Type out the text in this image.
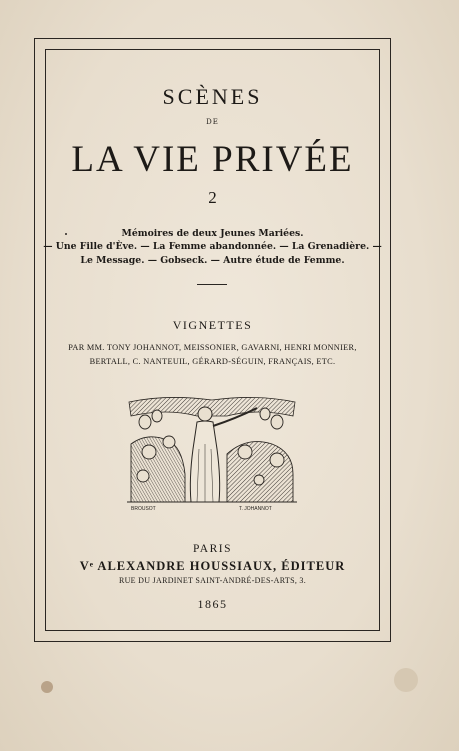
SCÈNES
DE
LA VIE PRIVÉE
2
Mémoires de deux Jeunes Mariées.
— Une Fille d'Ève. — La Femme abandonnée. — La Grenadière. —
Le Message. — Gobseck. — Autre étude de Femme.
VIGNETTES
PAR MM. TONY JOHANNOT, MEISSONIER, GAVARNI, HENRI MONNIER,
BERTALL, C. NANTEUIL, GÉRARD-SÉGUIN, FRANÇAIS, ETC.
BROUSOT	T. JOHANNOT
PARIS
Vᵉ ALEXANDRE HOUSSIAUX, ÉDITEUR
RUE DU JARDINET SAINT-ANDRÉ-DES-ARTS, 3.
1865
